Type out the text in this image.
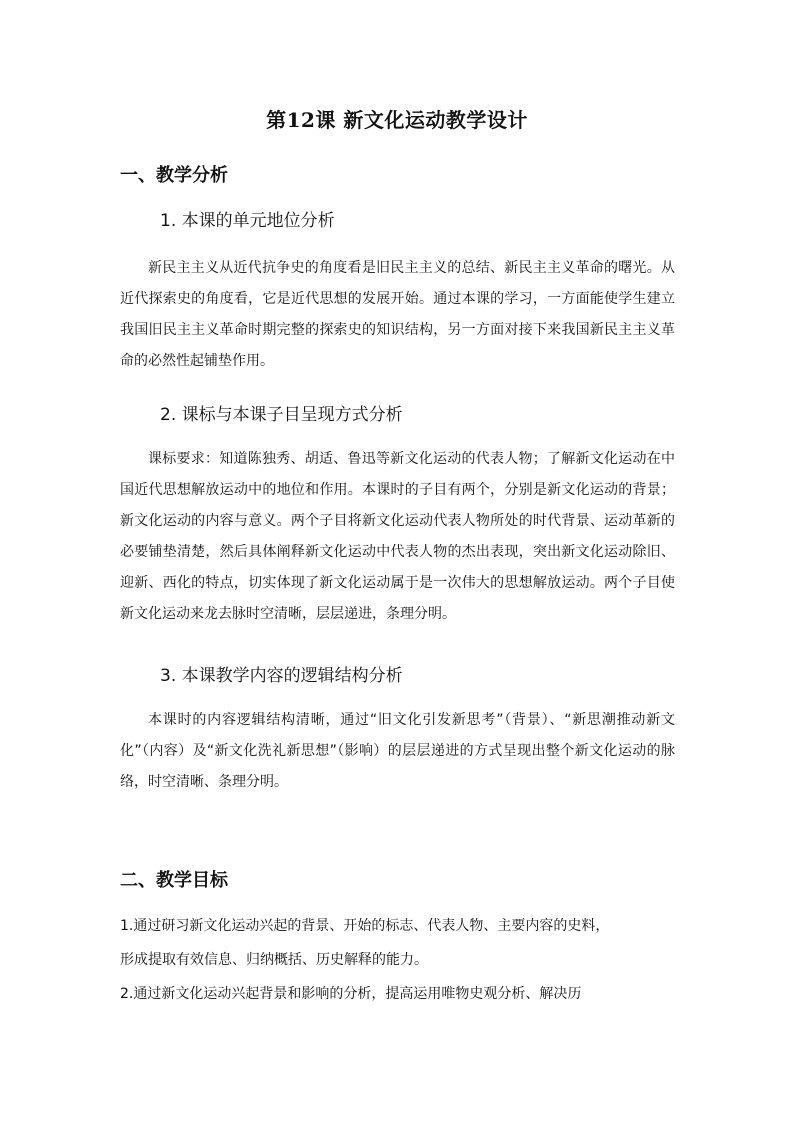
第12课 新文化运动教学设计
一、教学分析
1. 本课的单元地位分析
新民主主义从近代抗争史的角度看是旧民主主义的总结、新民主主义革命的曙光。从近代探索史的角度看，它是近代思想的发展开始。通过本课的学习，一方面能使学生建立我国旧民主主义革命时期完整的探索史的知识结构，另一方面对接下来我国新民主主义革命的必然性起铺垫作用。
2. 课标与本课子目呈现方式分析
课标要求：知道陈独秀、胡适、鲁迅等新文化运动的代表人物；了解新文化运动在中国近代思想解放运动中的地位和作用。本课时的子目有两个，分别是新文化运动的背景；新文化运动的内容与意义。两个子目将新文化运动代表人物所处的时代背景、运动革新的必要铺垫清楚，然后具体阐释新文化运动中代表人物的杰出表现，突出新文化运动除旧、迎新、西化的特点，切实体现了新文化运动属于是一次伟大的思想解放运动。两个子目使新文化运动来龙去脉时空清晰，层层递进，条理分明。
3. 本课教学内容的逻辑结构分析
本课时的内容逻辑结构清晰，通过“旧文化引发新思考”（背景）、“新思潮推动新文化”（内容）及“新文化洗礼新思想”（影响）的层层递进的方式呈现出整个新文化运动的脉络，时空清晰、条理分明。
二、教学目标
1.通过研习新文化运动兴起的背景、开始的标志、代表人物、主要内容的史料，
形成提取有效信息、归纳概括、历史解释的能力。
2.通过新文化运动兴起背景和影响的分析，提高运用唯物史观分析、解决历
